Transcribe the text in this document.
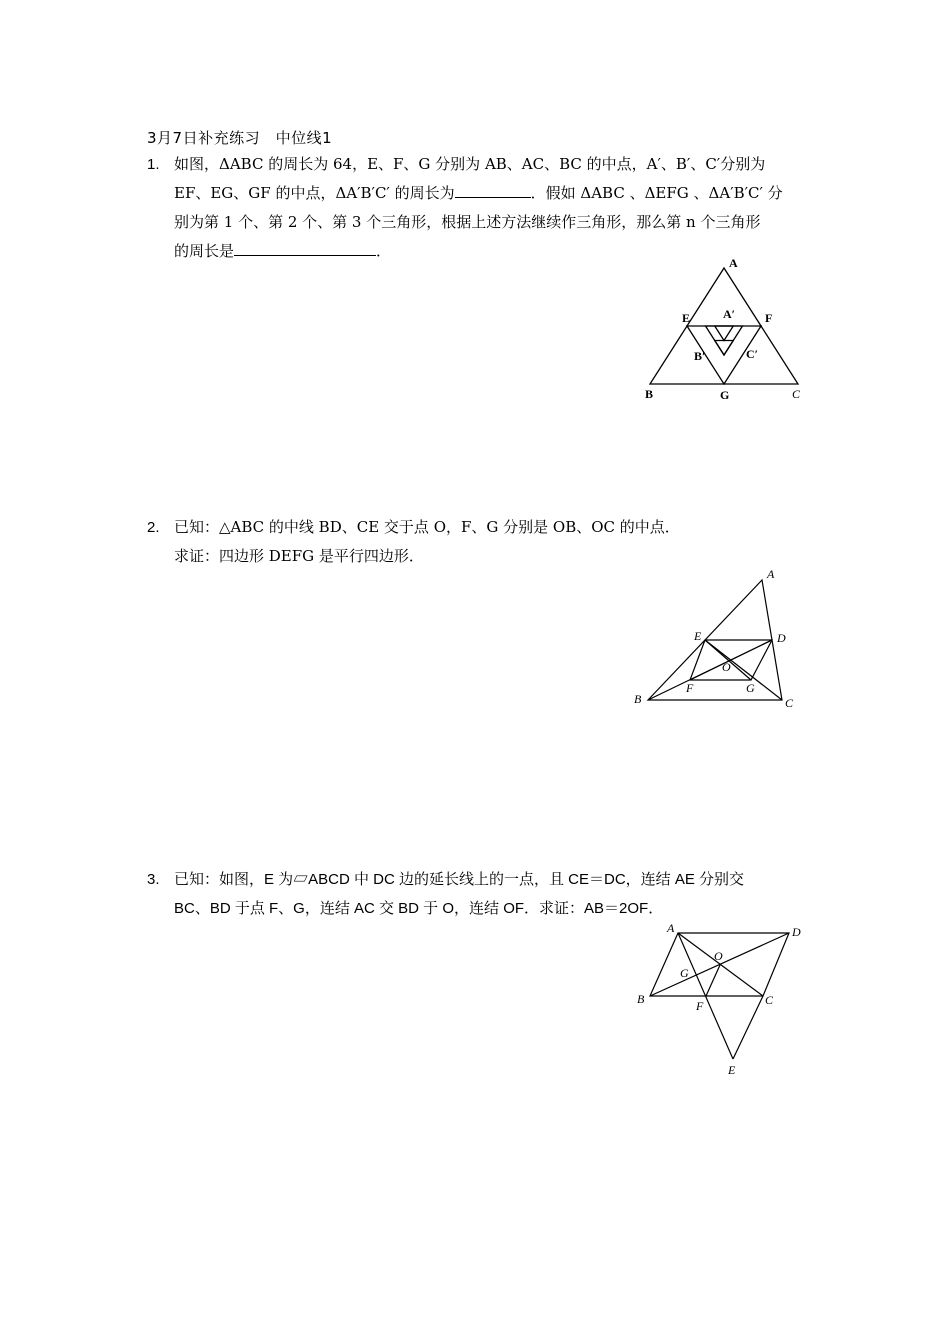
3月7日补充练习　中位线1
1. 如图，ΔABC 的周长为 64，E、F、G 分别为 AB、AC、BC 的中点，A′、B′、C′分别为
EF、EG、GF 的中点，ΔA′B′C′ 的周长为	．假如 ΔABC 、ΔEFG 、ΔA′B′C′ 分
别为第 1 个、第 2 个、第 3 个三角形，根据上述方法继续作三角形，那么第 n 个三角形
的周长是	．
A
E	F
A′
B′	C′
B	G	C
2. 已知：△ABC 的中线 BD、CE 交于点 O，F、G 分别是 OB、OC 的中点．
求证：四边形 DEFG 是平行四边形．
A
E	D
O
F	G
B	C
3. 已知：如图，E 为▱ABCD 中 DC 边的延长线上的一点，且 CE＝DC，连结 AE 分别交
BC、BD 于点 F、G，连结 AC 交 BD 于 O，连结 OF．求证：AB＝2OF．
A	D
O
G
B	F	C
E
